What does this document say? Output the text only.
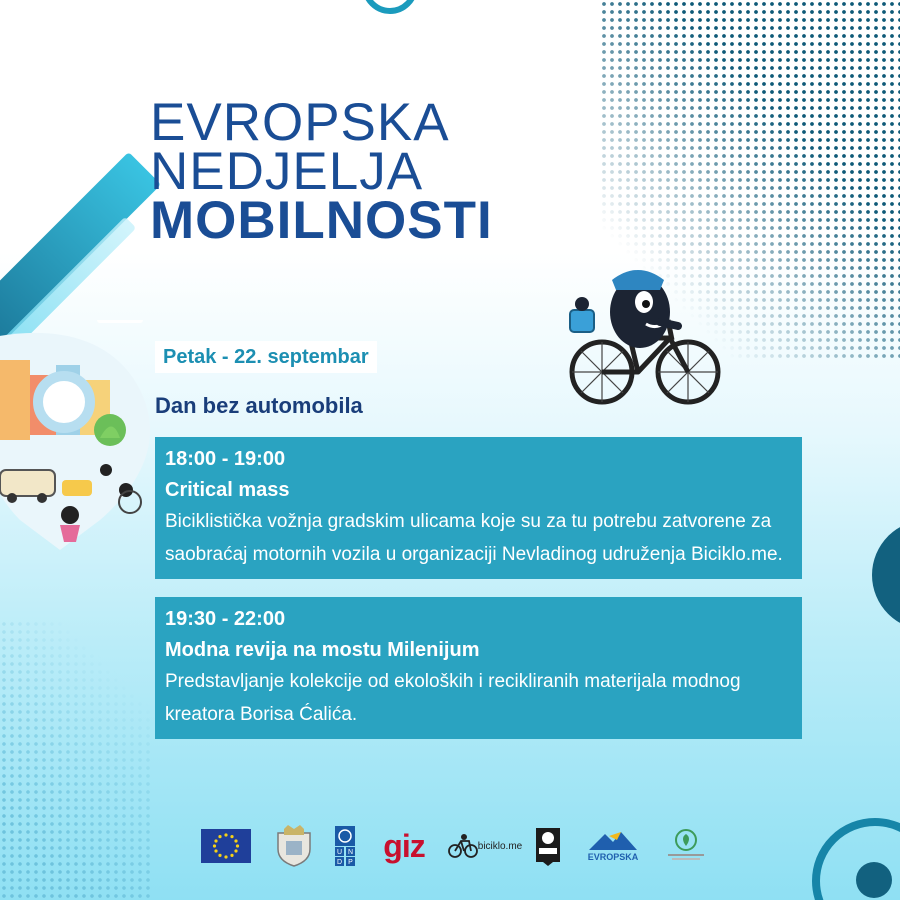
EVROPSKA
NEDJELJA
MOBILNOSTI
Petak - 22. septembar
Dan bez automobila
18:00 - 19:00
Critical mass
Biciklistička vožnja gradskim ulicama koje su za tu potrebu zatvorene za
saobraćaj motornih vozila u organizaciji Nevladinog udruženja Biciklo.me.
19:30 - 22:00
Modna revija na mostu Milenijum
Predstavljanje kolekcije od ekoloških i recikliranih materijala modnog
kreatora Borisa Ćalića.
U N
D P giz	biciklo.me
EVROPSKA
